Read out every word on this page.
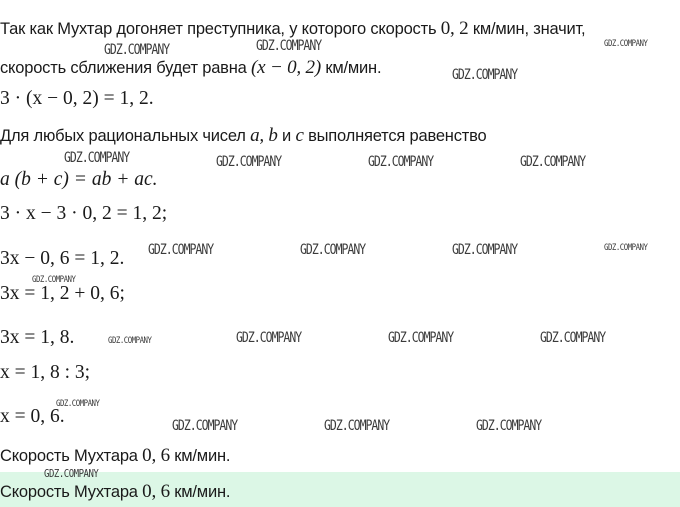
Так как Мухтар догоняет преступника, у которого скорость 0, 2 км/мин, значит,
скорость сближения будет равна (x − 0, 2) км/мин.
3 · (x − 0, 2) = 1, 2.
Для любых рациональных чисел a, b и c выполняется равенство
a (b + c) = ab + ac.
3 · x − 3 · 0, 2 = 1, 2;
3x − 0, 6 = 1, 2.
3x = 1, 2 + 0, 6;
3x = 1, 8.
x = 1, 8 : 3;
x = 0, 6.
Скорость Мухтара 0, 6 км/мин.
Скорость Мухтара 0, 6 км/мин.
GDZ.COMPANY	GDZ.COMPANY	GDZ.COMPANY
GDZ.COMPANY
GDZ.COMPANY	GDZ.COMPANY	GDZ.COMPANY	GDZ.COMPANY
GDZ.COMPANY	GDZ.COMPANY	GDZ.COMPANY	GDZ.COMPANY
GDZ.COMPANY
GDZ.COMPANY	GDZ.COMPANY	GDZ.COMPANY	GDZ.COMPANY
GDZ.COMPANY
GDZ.COMPANY	GDZ.COMPANY	GDZ.COMPANY
GDZ.COMPANY
